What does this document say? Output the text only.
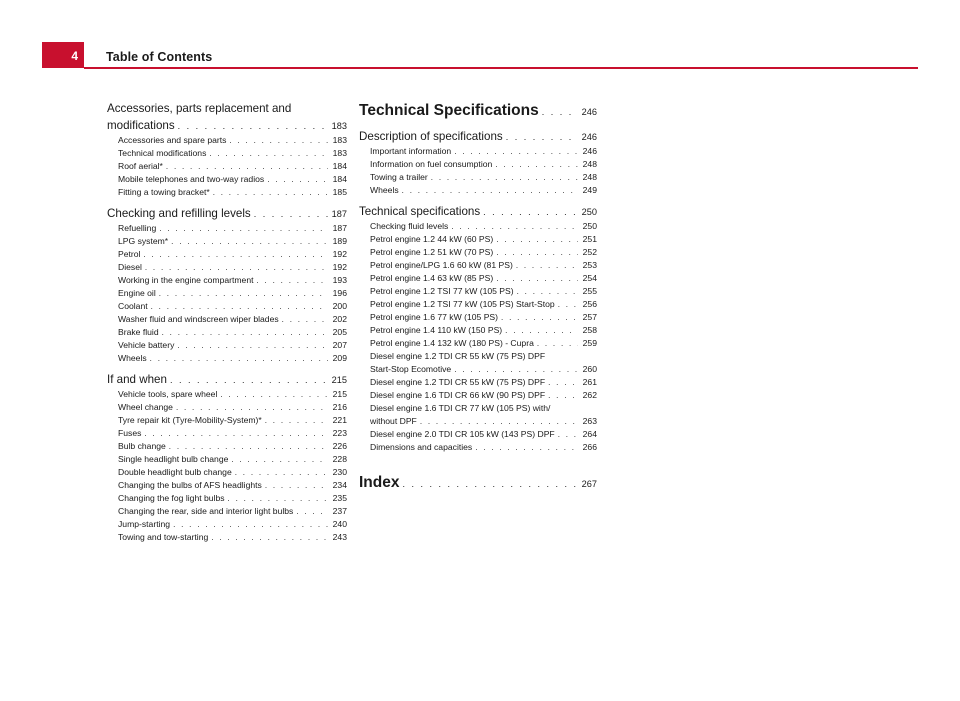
4	Table of Contents
Accessories, parts replacement and
modifications . . .	183
Accessories and spare parts . . .	183
Technical modifications . . .	183
Roof aerial* . . .	184
Mobile telephones and two-way radios . . .	184
Fitting a towing bracket* . . .	185
Checking and refilling levels . . .	187
Refuelling . . .	187
LPG system* . . .	189
Petrol . . .	192
Diesel . . .	192
Working in the engine compartment . . .	193
Engine oil . . .	196
Coolant . . .	200
Washer fluid and windscreen wiper blades . . .	202
Brake fluid . . .	205
Vehicle battery . . .	207
Wheels . . .	209
If and when . . .	215
Vehicle tools, spare wheel . . .	215
Wheel change . . .	216
Tyre repair kit (Tyre-Mobility-System)* . . .	221
Fuses . . .	223
Bulb change . . .	226
Single headlight bulb change . . .	228
Double headlight bulb change . . .	230
Changing the bulbs of AFS headlights . . .	234
Changing the fog light bulbs . . .	235
Changing the rear, side and interior light bulbs . . .	237
Jump-starting . . .	240
Towing and tow-starting . . .	243
Technical Specifications . . .	246
Description of specifications . . .	246
Important information . . .	246
Information on fuel consumption . . .	248
Towing a trailer . . .	248
Wheels . . .	249
Technical specifications . . .	250
Checking fluid levels . . .	250
Petrol engine 1.2 44 kW (60 PS) . . .	251
Petrol engine 1.2 51 kW (70 PS) . . .	252
Petrol engine/LPG 1.6 60 kW (81 PS) . . .	253
Petrol engine 1.4 63 kW (85 PS) . . .	254
Petrol engine 1.2 TSI 77 kW (105 PS) . . .	255
Petrol engine 1.2 TSI 77 kW (105 PS) Start-Stop . . .	256
Petrol engine 1.6 77 kW (105 PS) . . .	257
Petrol engine 1.4 110 kW (150 PS) . . .	258
Petrol engine 1.4 132 kW (180 PS) - Cupra . . .	259
Diesel engine 1.2 TDI CR 55 kW (75 PS) DPF
Start-Stop Ecomotive . . .	260
Diesel engine 1.2 TDI CR 55 kW (75 PS) DPF . . .	261
Diesel engine 1.6 TDI CR 66 kW (90 PS) DPF . . .	262
Diesel engine 1.6 TDI CR 77 kW (105 PS) with/
without DPF . . .	263
Diesel engine 2.0 TDI CR 105 kW (143 PS) DPF . . .	264
Dimensions and capacities . . .	266
Index . . .	267
